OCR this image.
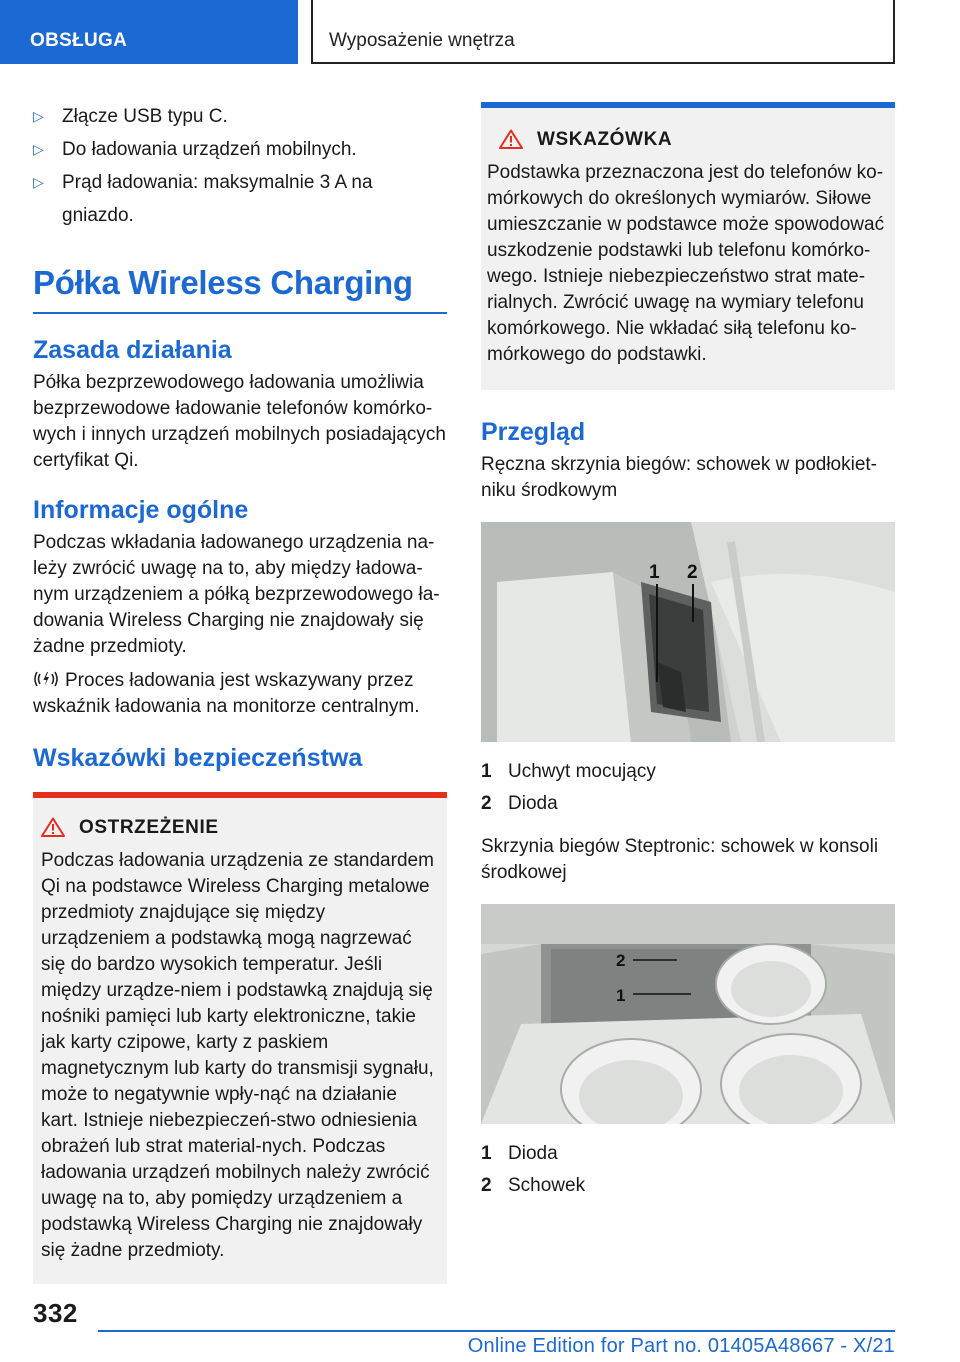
OBSŁUGA	Wyposażenie wnętrza
▷ Złącze USB typu C.
▷ Do ładowania urządzeń mobilnych.
▷ Prąd ładowania: maksymalnie 3 A na gniazdo.
Półka Wireless Charging
Zasada działania

Półka bezprzewodowego ładowania umożliwia bezprzewodowe ładowanie telefonów komórko-wych i innych urządzeń mobilnych posiadających certyfikat Qi.

Informacje ogólne

Podczas wkładania ładowanego urządzenia na-leży zwrócić uwagę na to, aby między ładowa-nym urządzeniem a półką bezprzewodowego ła-dowania Wireless Charging nie znajdowały się żadne przedmioty.

Proces ładowania jest wskazywany przez wskaźnik ładowania na monitorze centralnym.

Wskazówki bezpieczeństwa
OSTRZEŻENIE

Podczas ładowania urządzenia ze standardem Qi na podstawce Wireless Charging metalowe przedmioty znajdujące się między urządzeniem a podstawką mogą nagrzewać się do bardzo wysokich temperatur. Jeśli między urządze-niem i podstawką znajdują się nośniki pamięci lub karty elektroniczne, takie jak karty czipowe, karty z paskiem magnetycznym lub karty do transmisji sygnału, może to negatywnie wpły-nąć na działanie kart. Istnieje niebezpieczeń-stwo odniesienia obrażeń lub strat material-nych. Podczas ładowania urządzeń mobilnych należy zwrócić uwagę na to, aby pomiędzy urządzeniem a podstawką Wireless Charging nie znajdowały się żadne przedmioty.

WSKAZÓWKA

Podstawka przeznaczona jest do telefonów ko-mórkowych do określonych wymiarów. Siłowe umieszczanie w podstawce może spowodować uszkodzenie podstawki lub telefonu komórko-wego. Istnieje niebezpieczeństwo strat mate-rialnych. Zwrócić uwagę na wymiary telefonu komórkowego. Nie wkładać siłą telefonu ko-mórkowego do podstawki.

Przegląd

Ręczna skrzynia biegów: schowek w podłokiet-niku środkowym

1 2
1 Uchwyt mocujący
2 Dioda

Skrzynia biegów Steptronic: schowek w konsoli środkowej

2
1
1 Dioda
2 Schowek
332
Online Edition for Part no. 01405A48667 - X/21
